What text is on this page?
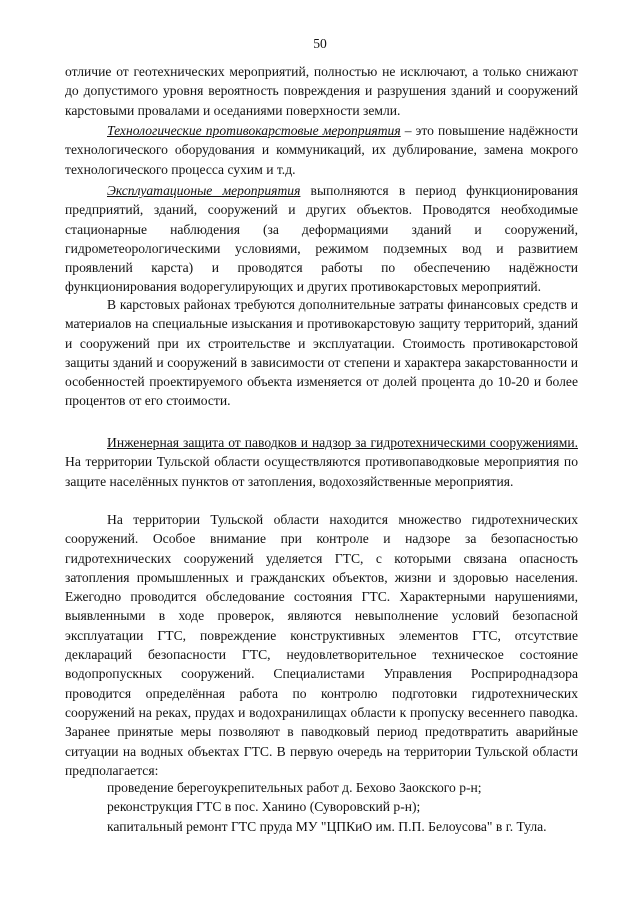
50

отличие от геотехнических мероприятий, полностью не исключают, а только снижают до допустимого уровня вероятность повреждения и разрушения зданий и сооружений карстовыми провалами и оседаниями поверхности земли.

Технологические противокарстовые мероприятия – это повышение надёжности технологического оборудования и коммуникаций, их дублирование, замена мокрого технологического процесса сухим и т.д.

Эксплуатационые мероприятия выполняются в период функционирования предприятий, зданий, сооружений и других объектов. Проводятся необходимые стационарные наблюдения (за деформациями зданий и сооружений, гидрометеорологическими условиями, режимом подземных вод и развитием проявлений карста) и проводятся работы по обеспечению надёжности функционирования водорегулирующих и других противокарстовых мероприятий.

В карстовых районах требуются дополнительные затраты финансовых средств и материалов на специальные изыскания и противокарстовую защиту территорий, зданий и сооружений при их строительстве и эксплуатации. Стоимость противокарстовой защиты зданий и сооружений в зависимости от степени и характера закарстованности и особенностей проектируемого объекта изменяется от долей процента до 10-20 и более процентов от его стоимости.

Инженерная защита от паводков и надзор за гидротехническими сооружениями. На территории Тульской области осуществляются противопаводковые мероприятия по защите населённых пунктов от затопления, водохозяйственные мероприятия.

На территории Тульской области находится множество гидротехнических сооружений. Особое внимание при контроле и надзоре за безопасностью гидротехнических сооружений уделяется ГТС, с которыми связана опасность затопления промышленных и гражданских объектов, жизни и здоровью населения. Ежегодно проводится обследование состояния ГТС. Характерными нарушениями, выявленными в ходе проверок, являются невыполнение условий безопасной эксплуатации ГТС, повреждение конструктивных элементов ГТС, отсутствие деклараций безопасности ГТС, неудовлетворительное техническое состояние водопропускных сооружений. Специалистами Управления Росприроднадзора проводится определённая работа по контролю подготовки гидротехнических сооружений на реках, прудах и водохранилищах области к пропуску весеннего паводка. Заранее принятые меры позволяют в паводковый период предотвратить аварийные ситуации на водных объектах ГТС. В первую очередь на территории Тульской области предполагается:

проведение берегоукрепительных работ д. Бехово Заокского р-н;
реконструкция ГТС в пос. Ханино (Суворовский р-н);
капитальный ремонт ГТС пруда МУ "ЦПКиО им. П.П. Белоусова" в г. Тула.
